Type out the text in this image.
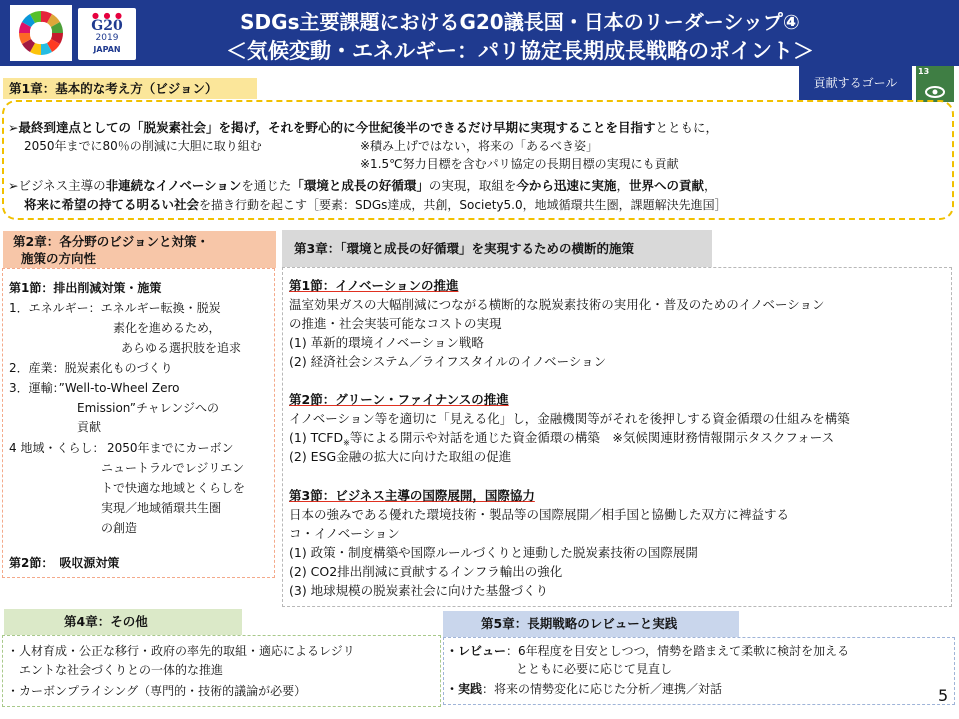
● ● ●
G20
2019
JAPAN
SDGs主要課題におけるG20議長国・日本のリーダーシップ④
＜気候変動・エネルギー：パリ協定長期成長戦略のポイント＞
貢献するゴール
13
第1章：基本的な考え方（ビジョン）
➢最終到達点としての「脱炭素社会」を掲げ，それを野心的に今世紀後半のできるだけ早期に実現することを目指すとともに，
2050年までに80％の削減に大胆に取り組む	※積み上げではない，将来の「あるべき姿」
※1.5℃努力目標を含むパリ協定の長期目標の実現にも貢献
➢ビジネス主導の非連続なイノベーションを通じた「環境と成長の好循環」の実現，取組を今から迅速に実施，世界への貢献，
将来に希望の持てる明るい社会を描き行動を起こす［要素：SDGs達成，共創，Society5.0，地域循環共生圏，課題解決先進国］
第2章：各分野のビジョンと対策・
施策の方向性
第1節：排出削減対策・施策
1．エネルギー：エネルギー転換・脱炭
素化を進めるため，
あらゆる選択肢を追求
2．産業：脱炭素化ものづくり
3．運輸：”Well-to-Wheel Zero
Emission”チャレンジへの
貢献
4 地域・くらし： 2050年までにカーボン
ニュートラルでレジリエン
トで快適な地域とくらしを
実現／地域循環共生圏
の創造
第2節：　吸収源対策
第3章：「環境と成長の好循環」を実現するための横断的施策
第1節：イノベーションの推進
温室効果ガスの大幅削減につながる横断的な脱炭素技術の実用化・普及のためのイノベーション
の推進・社会実装可能なコストの実現
(1) 革新的環境イノベーション戦略
(2) 経済社会システム／ライフスタイルのイノベーション
第2節：グリーン・ファイナンスの推進
イノベーション等を適切に「見える化」し，金融機関等がそれを後押しする資金循環の仕組みを構築
(1) $TCFD_※$等による開示や対話を通じた資金循環の構築　※気候関連財務情報開示タスクフォース
(2) ESG金融の拡大に向けた取組の促進
第3節：ビジネス主導の国際展開，国際協力
日本の強みである優れた環境技術・製品等の国際展開／相手国と協働した双方に裨益する
コ・イノベーション
(1) 政策・制度構築や国際ルールづくりと連動した脱炭素技術の国際展開
(2) CO2排出削減に貢献するインフラ輸出の強化
(3) 地球規模の脱炭素社会に向けた基盤づくり
第4章：その他
・人材育成・公正な移行・政府の率先的取組・適応によるレジリ
エントな社会づくりとの一体的な推進
・カーボンプライシング（専門的・技術的議論が必要）
第5章：長期戦略のレビューと実践
・レビュー：6年程度を目安としつつ，情勢を踏まえて柔軟に検討を加える
とともに必要に応じて見直し
・実践：将来の情勢変化に応じた分析／連携／対話	5
